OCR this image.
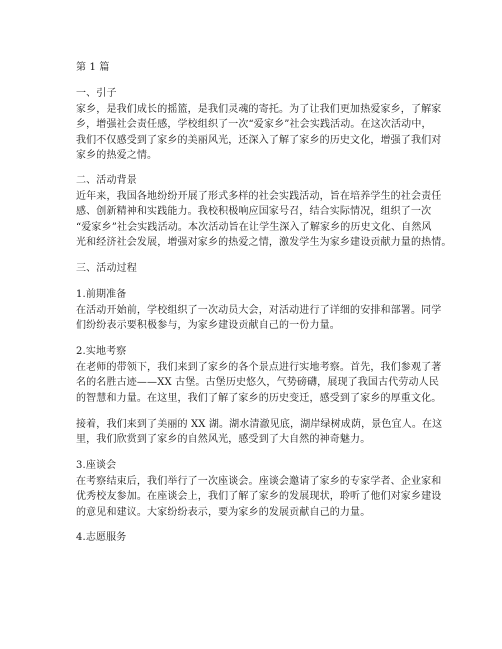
第 1 篇
一、引子
家乡，是我们成长的摇篮，是我们灵魂的寄托。为了让我们更加热爱家乡，了解家
乡，增强社会责任感，学校组织了一次“爱家乡”社会实践活动。在这次活动中，
我们不仅感受到了家乡的美丽风光，还深入了解了家乡的历史文化，增强了我们对
家乡的热爱之情。
二、活动背景
近年来，我国各地纷纷开展了形式多样的社会实践活动，旨在培养学生的社会责任
感、创新精神和实践能力。我校积极响应国家号召，结合实际情况，组织了一次
“爱家乡”社会实践活动。本次活动旨在让学生深入了解家乡的历史文化、自然风
光和经济社会发展，增强对家乡的热爱之情，激发学生为家乡建设贡献力量的热情。
三、活动过程
1.前期准备
在活动开始前，学校组织了一次动员大会，对活动进行了详细的安排和部署。同学
们纷纷表示要积极参与，为家乡建设贡献自己的一份力量。
2.实地考察
在老师的带领下，我们来到了家乡的各个景点进行实地考察。首先，我们参观了著
名的名胜古迹——XX 古堡。古堡历史悠久，气势磅礴，展现了我国古代劳动人民
的智慧和力量。在这里，我们了解了家乡的历史变迁，感受到了家乡的厚重文化。
接着，我们来到了美丽的 XX 湖。湖水清澈见底，湖岸绿树成荫，景色宜人。在这
里，我们欣赏到了家乡的自然风光，感受到了大自然的神奇魅力。
3.座谈会
在考察结束后，我们举行了一次座谈会。座谈会邀请了家乡的专家学者、企业家和
优秀校友参加。在座谈会上，我们了解了家乡的发展现状，聆听了他们对家乡建设
的意见和建议。大家纷纷表示，要为家乡的发展贡献自己的力量。
4.志愿服务
